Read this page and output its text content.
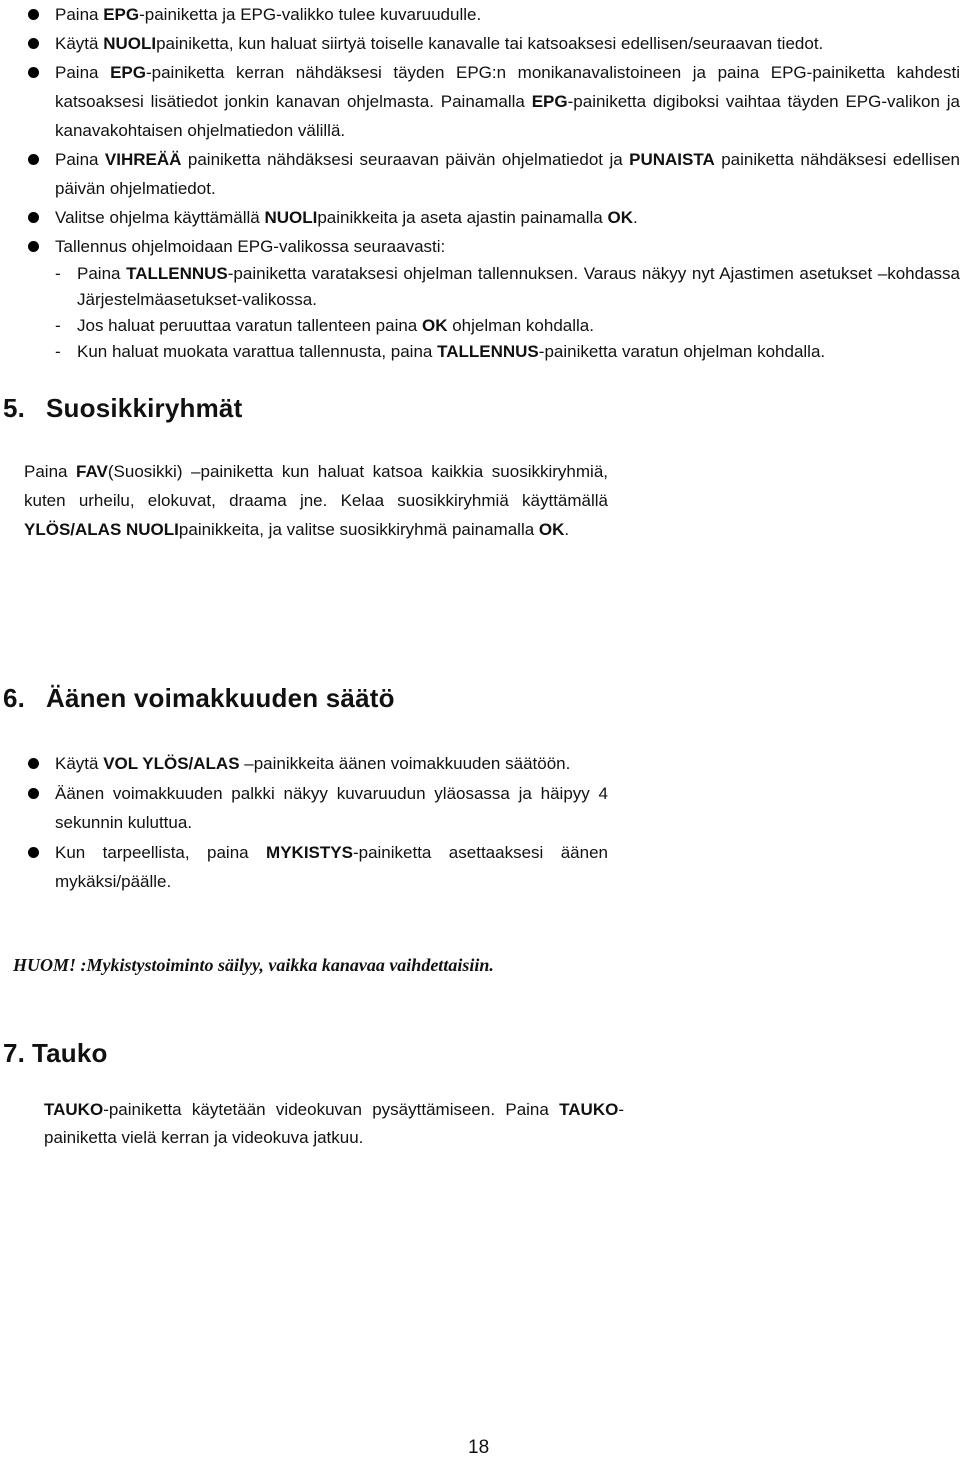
Paina EPG-painiketta ja EPG-valikko tulee kuvaruudulle.

Käytä NUOLIpainiketta, kun haluat siirtyä toiselle kanavalle tai katsoaksesi edellisen/seuraavan tiedot.

Paina EPG-painiketta kerran nähdäksesi täyden EPG:n monikanavalistoineen ja paina EPG-painiketta kahdesti katsoaksesi lisätiedot jonkin kanavan ohjelmasta. Painamalla EPG-painiketta digiboksi vaihtaa täyden EPG-valikon ja kanavakohtaisen ohjelmatiedon välillä.

Paina VIHREÄÄ painiketta nähdäksesi seuraavan päivän ohjelmatiedot ja PUNAISTA painiketta nähdäksesi edellisen päivän ohjelmatiedot.

Valitse ohjelma käyttämällä NUOLIpainikkeita ja aseta ajastin painamalla OK.

Tallennus ohjelmoidaan EPG-valikossa seuraavasti:

- Paina TALLENNUS-painiketta varataksesi ohjelman tallennuksen. Varaus näkyy nyt Ajastimen asetukset –kohdassa Järjestelmäasetukset-valikossa.

- Jos haluat peruuttaa varatun tallenteen paina OK ohjelman kohdalla.

- Kun haluat muokata varattua tallennusta, paina TALLENNUS-painiketta varatun ohjelman kohdalla.

5. Suosikkiryhmät

Paina FAV(Suosikki) –painiketta kun haluat katsoa kaikkia suosikkiryhmiä, kuten urheilu, elokuvat, draama jne. Kelaa suosikkiryhmiä käyttämällä YLÖS/ALAS NUOLIpainikkeita, ja valitse suosikkiryhmä painamalla OK.

6. Äänen voimakkuuden säätö

Käytä VOL YLÖS/ALAS –painikkeita äänen voimakkuuden säätöön.

Äänen voimakkuuden palkki näkyy kuvaruudun yläosassa ja häipyy 4 sekunnin kuluttua.

Kun tarpeellista, paina MYKISTYS-painiketta asettaaksesi äänen mykäksi/päälle.

HUOM! :Mykistystoiminto säilyy, vaikka kanavaa vaihdettaisiin.

7. Tauko

TAUKO-painiketta käytetään videokuvan pysäyttämiseen. Paina TAUKO-painiketta vielä kerran ja videokuva jatkuu.

18
